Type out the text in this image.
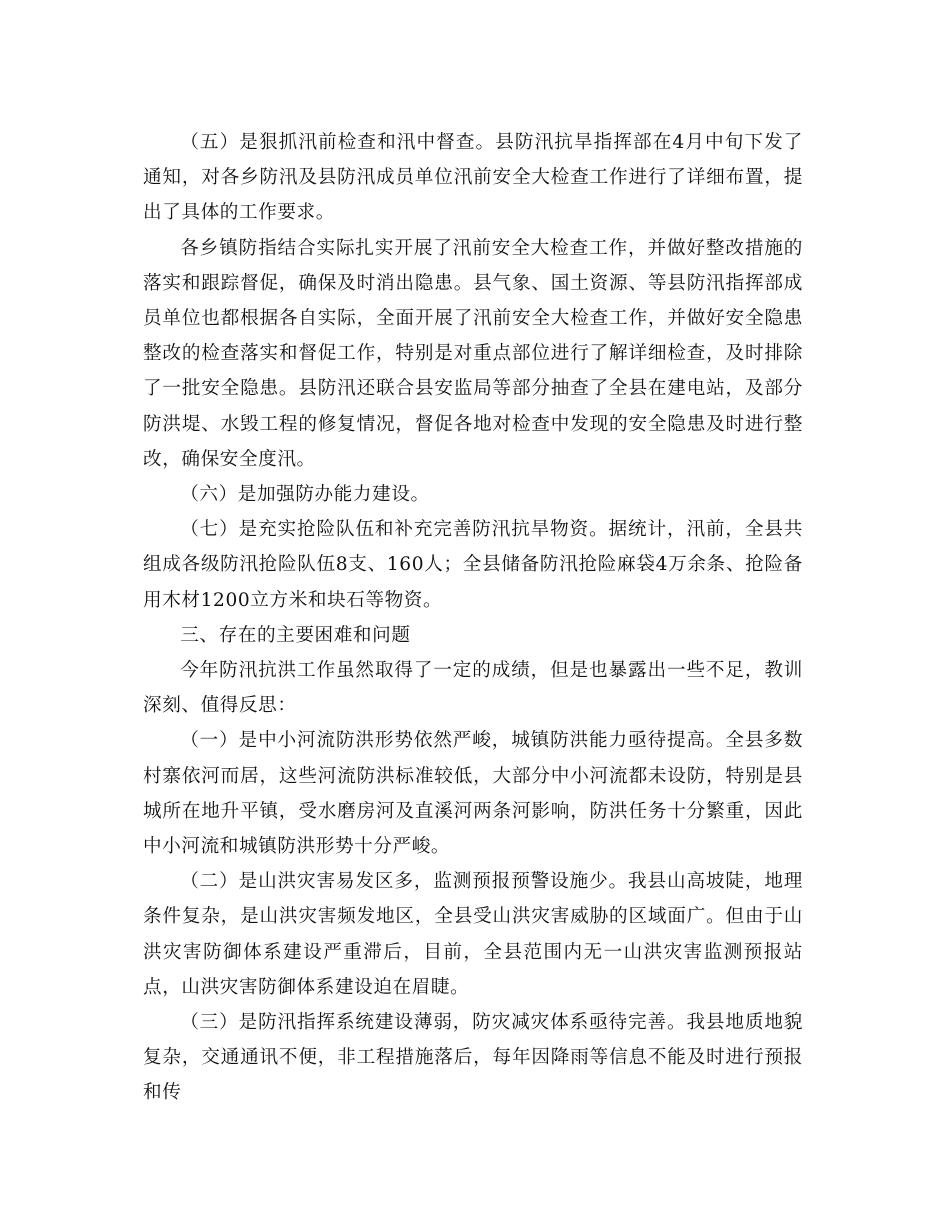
（五）是狠抓汛前检查和汛中督查。县防汛抗旱指挥部在4月中旬下发了通知，对各乡防汛及县防汛成员单位汛前安全大检查工作进行了详细布置，提出了具体的工作要求。

各乡镇防指结合实际扎实开展了汛前安全大检查工作，并做好整改措施的落实和跟踪督促，确保及时消出隐患。县气象、国土资源、等县防汛指挥部成员单位也都根据各自实际，全面开展了汛前安全大检查工作，并做好安全隐患整改的检查落实和督促工作，特别是对重点部位进行了解详细检查，及时排除了一批安全隐患。县防汛还联合县安监局等部分抽查了全县在建电站，及部分防洪堤、水毁工程的修复情况，督促各地对检查中发现的安全隐患及时进行整改，确保安全度汛。

（六）是加强防办能力建设。

（七）是充实抢险队伍和补充完善防汛抗旱物资。据统计，汛前，全县共组成各级防汛抢险队伍8支、160人；全县储备防汛抢险麻袋4万余条、抢险备用木材1200立方米和块石等物资。

三、存在的主要困难和问题

今年防汛抗洪工作虽然取得了一定的成绩，但是也暴露出一些不足，教训深刻、值得反思：

（一）是中小河流防洪形势依然严峻，城镇防洪能力亟待提高。全县多数村寨依河而居，这些河流防洪标准较低，大部分中小河流都未设防，特别是县城所在地升平镇，受水磨房河及直溪河两条河影响，防洪任务十分繁重，因此中小河流和城镇防洪形势十分严峻。

（二）是山洪灾害易发区多，监测预报预警设施少。我县山高坡陡，地理条件复杂，是山洪灾害频发地区，全县受山洪灾害威胁的区域面广。但由于山洪灾害防御体系建设严重滞后，目前，全县范围内无一山洪灾害监测预报站点，山洪灾害防御体系建设迫在眉睫。

（三）是防汛指挥系统建设薄弱，防灾减灾体系亟待完善。我县地质地貌复杂，交通通讯不便，非工程措施落后，每年因降雨等信息不能及时进行预报和传
